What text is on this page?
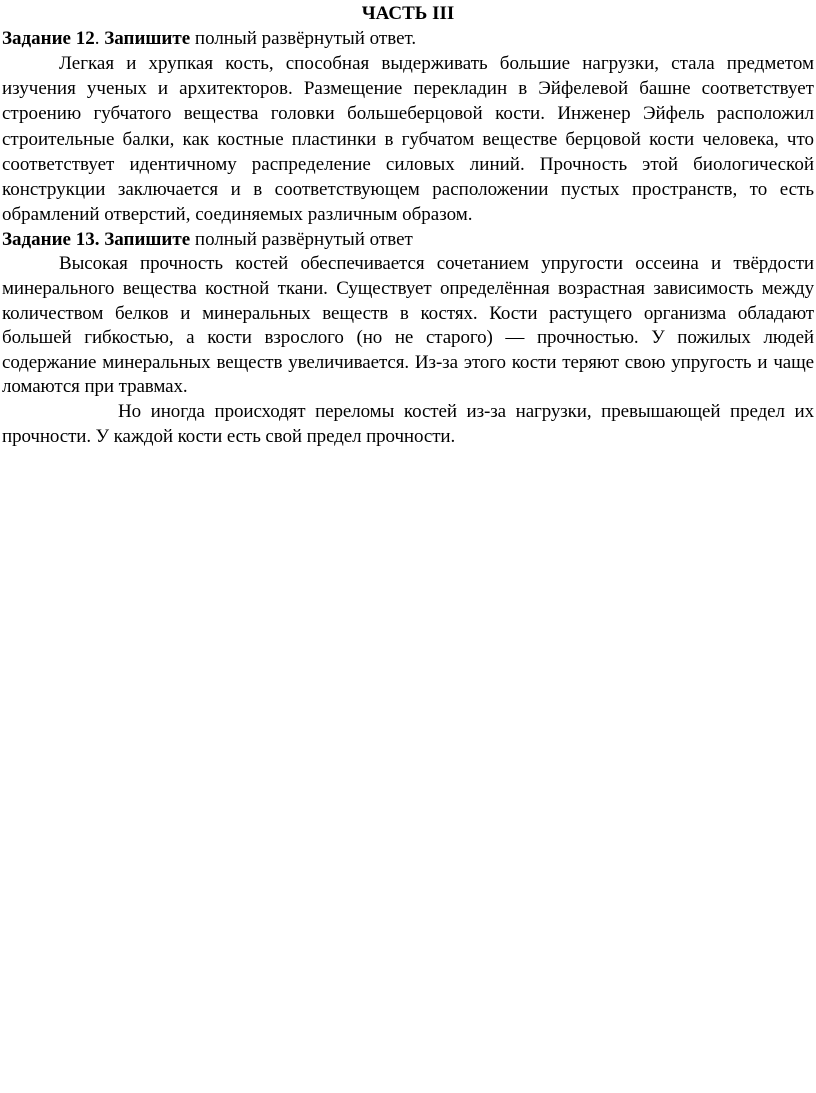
ЧАСТЬ III

Задание 12. Запишите полный развёрнутый ответ.

Легкая и хрупкая кость, способная выдерживать большие нагрузки, стала предметом изучения ученых и архитекторов. Размещение перекладин в Эйфелевой башне соответствует строению губчатого вещества головки большеберцовой кости. Инженер Эйфель расположил строительные балки, как костные пластинки в губчатом веществе берцовой кости человека, что соответствует идентичному распределение силовых линий. Прочность этой биологической конструкции заключается и в соответствующем расположении пустых пространств, то есть обрамлений отверстий, соединяемых различным образом.

Задание 13. Запишите полный развёрнутый ответ

Высокая прочность костей обеспечивается сочетанием упругости оссеина и твёрдости минерального вещества костной ткани. Существует определённая возрастная зависимость между количеством белков и минеральных веществ в костях. Кости растущего организма обладают большей гибкостью, а кости взрослого (но не старого) — прочностью. У пожилых людей содержание минеральных веществ увеличивается. Из-за этого кости теряют свою упругость и чаще ломаются при травмах.

Но иногда происходят переломы костей из-за нагрузки, превышающей предел их прочности. У каждой кости есть свой предел прочности.
